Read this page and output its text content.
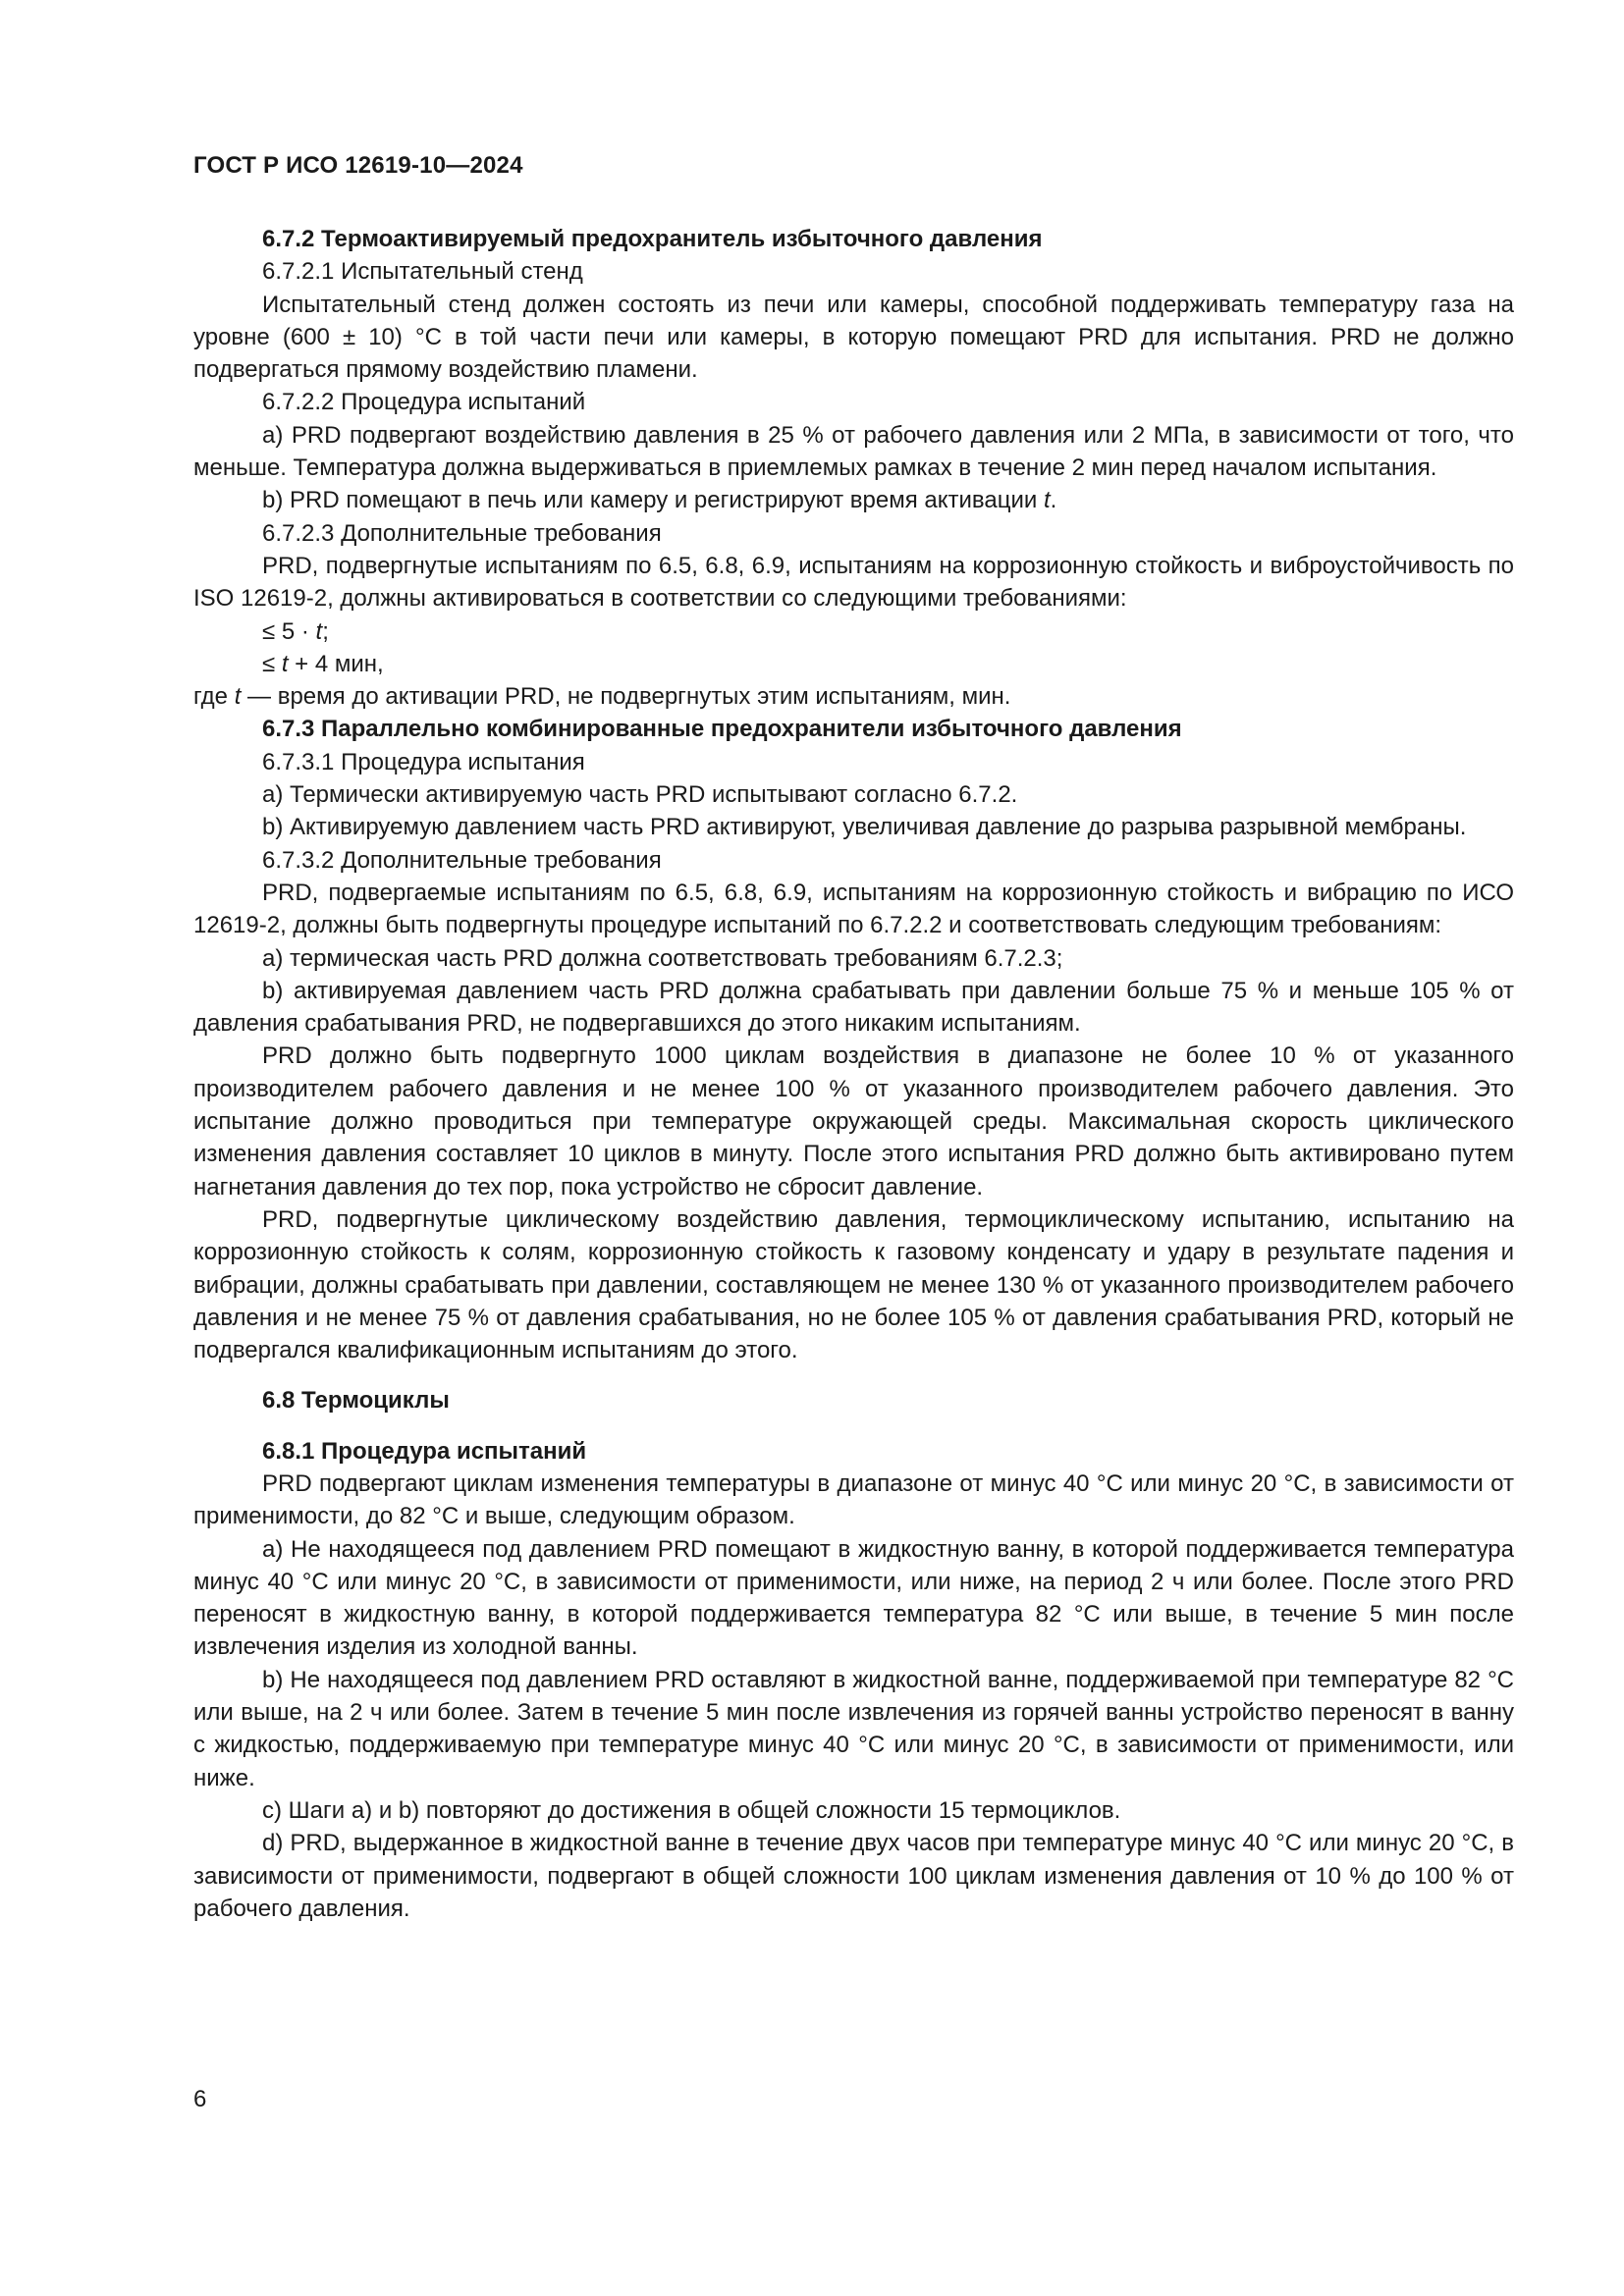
ГОСТ Р ИСО 12619-10—2024

6.7.2 Термоактивируемый предохранитель избыточного давления

6.7.2.1 Испытательный стенд

Испытательный стенд должен состоять из печи или камеры, способной поддерживать температуру газа на уровне (600 ± 10) °С в той части печи или камеры, в которую помещают PRD для испытания. PRD не должно подвергаться прямому воздействию пламени.

6.7.2.2 Процедура испытаний

a) PRD подвергают воздействию давления в 25 % от рабочего давления или 2 МПа, в зависимости от того, что меньше. Температура должна выдерживаться в приемлемых рамках в течение 2 мин перед началом испытания.

b) PRD помещают в печь или камеру и регистрируют время активации t.

6.7.2.3 Дополнительные требования

PRD, подвергнутые испытаниям по 6.5, 6.8, 6.9, испытаниям на коррозионную стойкость и виброустойчивость по ISO 12619-2, должны активироваться в соответствии со следующими требованиями:

≤ 5 · t;

≤ t + 4 мин,

где t — время до активации PRD, не подвергнутых этим испытаниям, мин.

6.7.3 Параллельно комбинированные предохранители избыточного давления

6.7.3.1 Процедура испытания

a) Термически активируемую часть PRD испытывают согласно 6.7.2.

b) Активируемую давлением часть PRD активируют, увеличивая давление до разрыва разрывной мембраны.

6.7.3.2 Дополнительные требования

PRD, подвергаемые испытаниям по 6.5, 6.8, 6.9, испытаниям на коррозионную стойкость и вибрацию по ИСО 12619-2, должны быть подвергнуты процедуре испытаний по 6.7.2.2 и соответствовать следующим требованиям:

a) термическая часть PRD должна соответствовать требованиям 6.7.2.3;

b) активируемая давлением часть PRD должна срабатывать при давлении больше 75 % и меньше 105 % от давления срабатывания PRD, не подвергавшихся до этого никаким испытаниям.

PRD должно быть подвергнуто 1000 циклам воздействия в диапазоне не более 10 % от указанного производителем рабочего давления и не менее 100 % от указанного производителем рабочего давления. Это испытание должно проводиться при температуре окружающей среды. Максимальная скорость циклического изменения давления составляет 10 циклов в минуту. После этого испытания PRD должно быть активировано путем нагнетания давления до тех пор, пока устройство не сбросит давление.

PRD, подвергнутые циклическому воздействию давления, термоциклическому испытанию, испытанию на коррозионную стойкость к солям, коррозионную стойкость к газовому конденсату и удару в результате падения и вибрации, должны срабатывать при давлении, составляющем не менее 130 % от указанного производителем рабочего давления и не менее 75 % от давления срабатывания, но не более 105 % от давления срабатывания PRD, который не подвергался квалификационным испытаниям до этого.

6.8 Термоциклы

6.8.1 Процедура испытаний

PRD подвергают циклам изменения температуры в диапазоне от минус 40 °С или минус 20 °С, в зависимости от применимости, до 82 °С и выше, следующим образом.

a) Не находящееся под давлением PRD помещают в жидкостную ванну, в которой поддерживается температура минус 40 °С или минус 20 °С, в зависимости от применимости, или ниже, на период 2 ч или более. После этого PRD переносят в жидкостную ванну, в которой поддерживается температура 82 °С или выше, в течение 5 мин после извлечения изделия из холодной ванны.

b) Не находящееся под давлением PRD оставляют в жидкостной ванне, поддерживаемой при температуре 82 °С или выше, на 2 ч или более. Затем в течение 5 мин после извлечения из горячей ванны устройство переносят в ванну с жидкостью, поддерживаемую при температуре минус 40 °С или минус 20 °С, в зависимости от применимости, или ниже.

c) Шаги a) и b) повторяют до достижения в общей сложности 15 термоциклов.

d) PRD, выдержанное в жидкостной ванне в течение двух часов при температуре минус 40 °С или минус 20 °С, в зависимости от применимости, подвергают в общей сложности 100 циклам изменения давления от 10 % до 100 % от рабочего давления.

6
